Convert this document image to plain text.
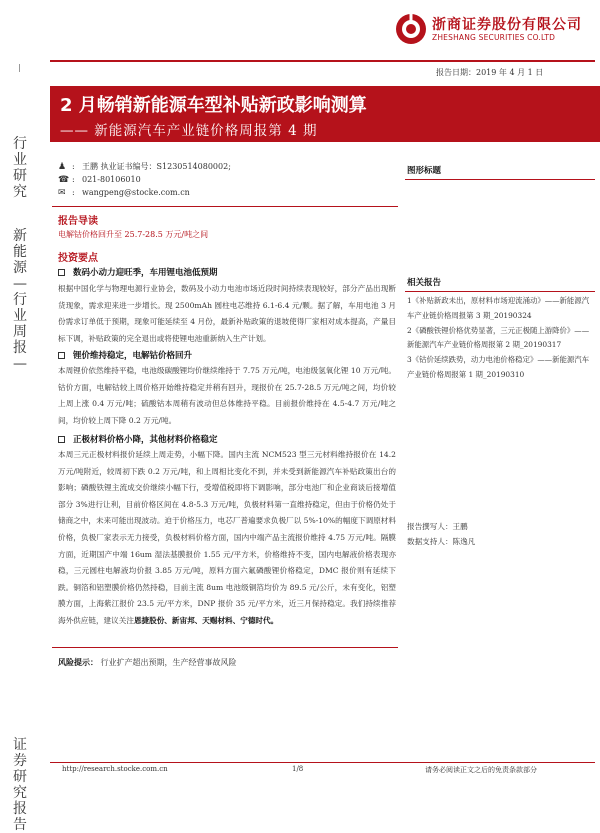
浙商证券股份有限公司
ZHESHANG SECURITIES CO.LTD
行业研究
新能源—行业周报—
证券研究报告
报告日期：2019 年 4 月 1 日
2 月畅销新能源车型补贴新政影响测算
—— 新能源汽车产业链价格周报第 4 期
♟ : 王鹏 执业证书编号：S1230514080002;
☎ : 021-80106010
✉ : wangpeng@stocke.com.cn
报告导读
电解钴价格回升至 25.7-28.5 万元/吨之间
投资要点
数码小动力迎旺季，车用锂电池低预期
根据中国化学与物理电源行业协会，数码及小动力电池市场近段时间持续表现较好，部分产品出现断货现象，需求迎来进一步增长。现 2500mAh 圆柱电芯维持 6.1-6.4 元/颗。据了解，车用电池 3 月份需求订单低于预期，现象可能延续至 4 月份，最新补贴政策的退坡使得厂家相对成本提高，产量目标下调，补贴政策的完全退出或将使锂电池重新纳入生产计划。
锂价维持稳定，电解钴价格回升
本周锂价依然维持平稳，电池级碳酸锂均价继续维持于 7.75 万元/吨，电池级氢氧化锂 10 万元/吨。钴价方面，电解钴较上周价格开始维持稳定并稍有回升，现报价在 25.7-28.5 万元/吨之间，均价较上周上涨 0.4 万元/吨；硫酸钴本周稍有波动但总体维持平稳。目前报价维持在 4.5-4.7 万元/吨之间，均价较上周下降 0.2 万元/吨。
正极材料价格小降，其他材料价格稳定
本周三元正极材料报价延续上周走势，小幅下降。国内主流 NCM523 型三元材料维持报价在 14.2 万元/吨附近，较周初下跌 0.2 万元/吨，和上周相比变化不到，并未受到新能源汽车补贴政策出台的影响；磷酸铁锂主流成交价继续小幅下行，受增值税即将下调影响，部分电池厂和企业商谈后接增值部分 3%进行让利，目前价格区间在 4.8-5.3 万元/吨，负极材料第一直维持稳定，但由于价格仍处于储商之中，未来可能出现波动。迫于价格压力，电芯厂普遍要求负极厂以 5%-10%的幅度下调原材料价格，负极厂家表示无力接受，负极材料价格方面，国内中端产品主流报价维持 4.75 万元/吨。隔膜方面，近期国产中端 16um 湿法基膜报价 1.55 元/平方米，价格维持不变，国内电解液价格表现亦稳，三元圆柱电解液均价报 3.85 万元/吨，原料方面六氟磷酸锂价格稳定，DMC 报价则有延续下跌。铜箔和铝塑膜价格仍然持稳，目前主流 8um 电池级铜箔均价为 89.5 元/公斤，未有变化，铝塑膜方面，上海紫江报价 23.5 元/平方米，DNP 报价 35 元/平方米，近三月保持稳定。我们持续推荐海外供应链，建议关注恩捷股份、新宙邦、天赐材料、宁德时代。
风险提示： 行业扩产超出预期，生产经营事故风险
图形标题
相关报告
1《补贴新政未出，原材料市场迎流涌动》——新能源汽车产业链价格周报第 3 期_20190324
2《磷酸铁锂价格优势显著，三元正极随上游降价》——新能源汽车产业链价格周报第 2 期_20190317
3《钴价延续跌势，动力电池价格稳定》——新能源汽车产业链价格周报第 1 期_20190310
报告撰写人：王鹏
数据支持人：陈逸凡
http://research.stocke.com.cn	1/8	请务必阅读正文之后的免责条款部分
